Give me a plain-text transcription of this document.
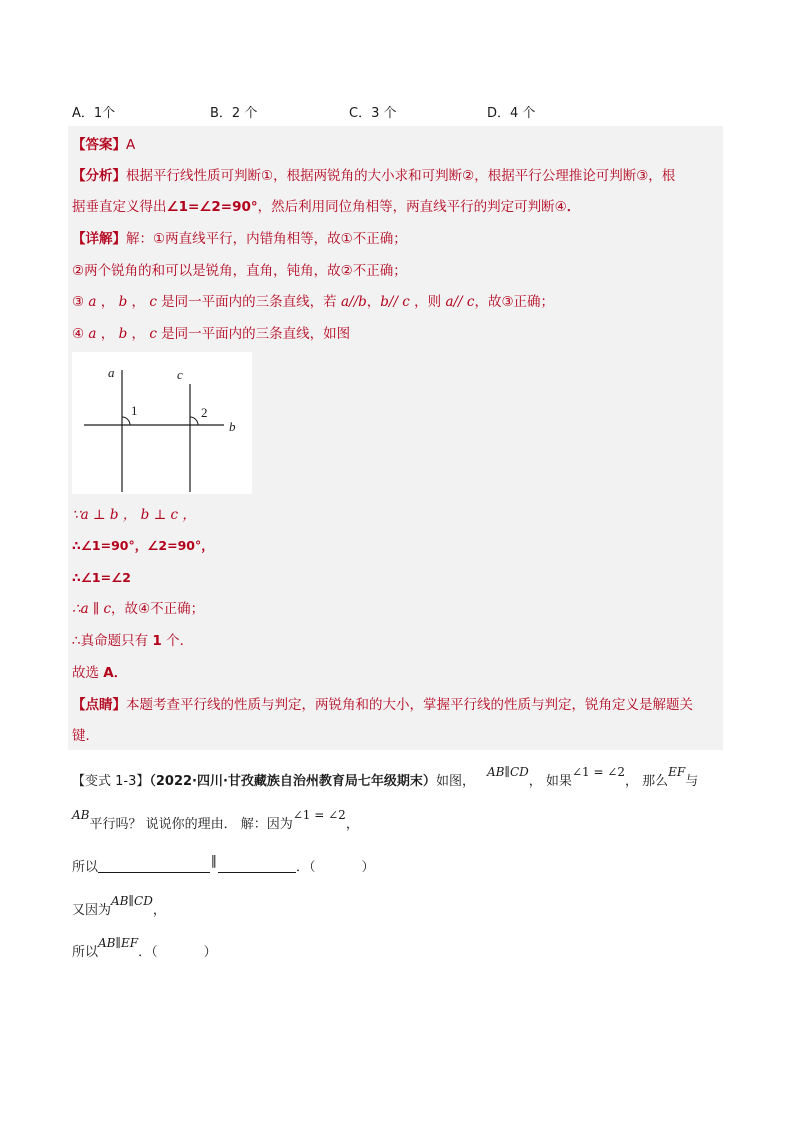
A．1个	B．2 个	C．3 个	D．4 个
【答案】A
【分析】根据平行线性质可判断①，根据两锐角的大小求和可判断②，根据平行公理推论可判断③，根
据垂直定义得出∠1=∠2=90°，然后利用同位角相等，两直线平行的判定可判断④．
【详解】解：①两直线平行，内错角相等，故①不正确；
②两个锐角的和可以是锐角，直角，钝角，故②不正确；
③ a ， b ， c 是同一平面内的三条直线，若 a//b，b// c ，则 a// c，故③正确；
④ a ， b ， c 是同一平面内的三条直线，如图
a	c
b
1	2
∵a ⊥ b ， b ⊥ c ，
∴∠1=90°，∠2=90°，
∴∠1=∠2
∴a ∥ c，故④不正确；
∴真命题只有 1 个．
故选 A．
【点睛】本题考查平行线的性质与判定，两锐角和的大小，掌握平行线的性质与判定，锐角定义是解题关
键．
【变式 1-3】（2022·四川·甘孜藏族自治州教育局七年级期末）如图，AB∥CD， 如果∠1 = ∠2， 那么EF与
AB平行吗？ 说说你的理由． 解：因为∠1 = ∠2，
所以	∥	．（	）
又因为AB∥CD，
所以AB∥EF．（	）
